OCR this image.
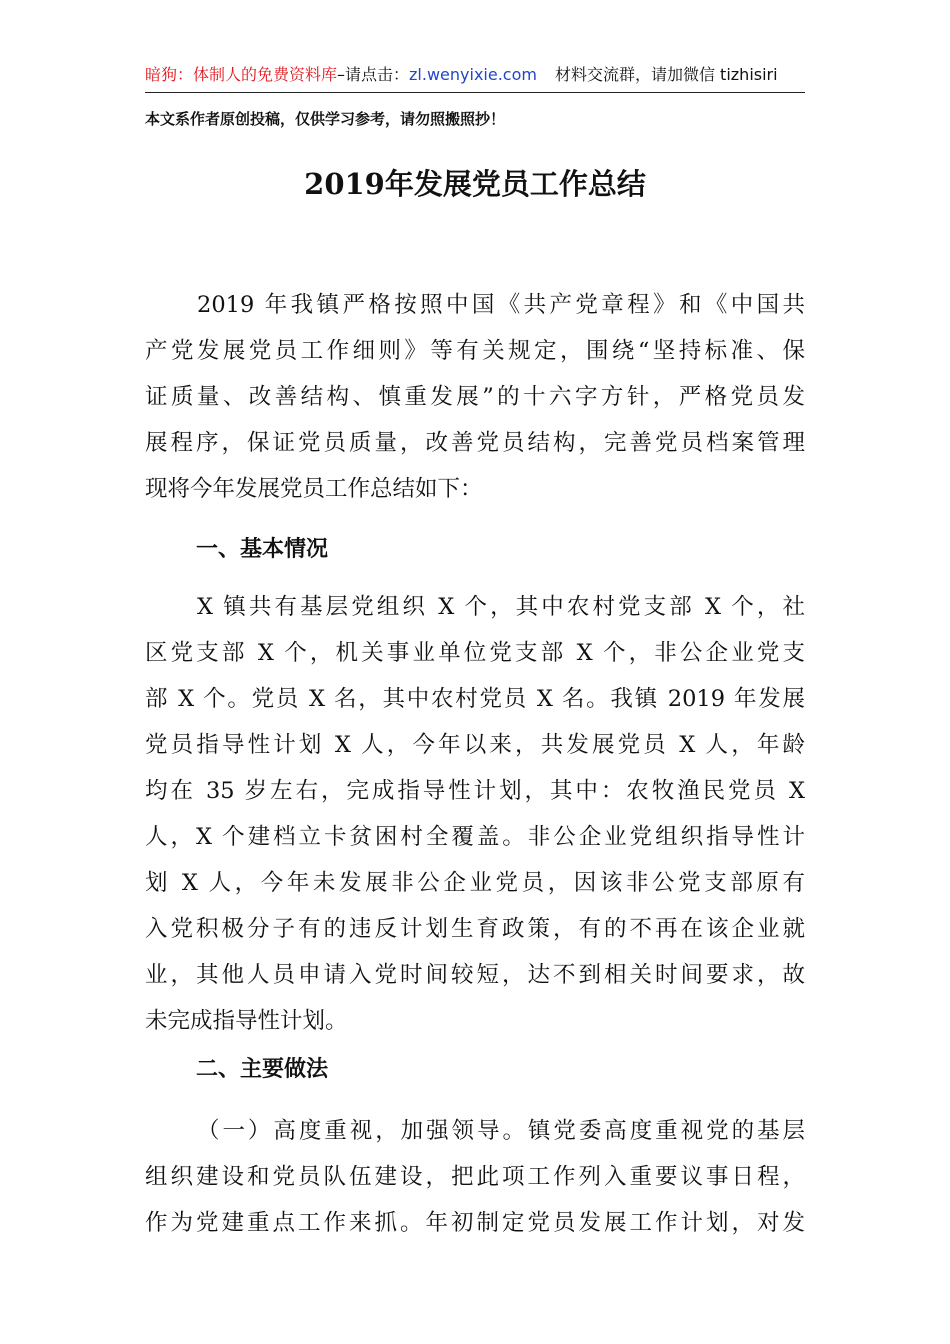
暗狗：体制人的免费资料库–请点击：zl.wenyixie.com 材料交流群，请加微信 tizhisiri
本文系作者原创投稿，仅供学习参考，请勿照搬照抄！
2019年发展党员工作总结
2019 年我镇严格按照中国《共产党章程》和《中国共
产党发展党员工作细则》等有关规定，围绕“坚持标准、保
证质量、改善结构、慎重发展”的十六字方针，严格党员发
展程序，保证党员质量，改善党员结构，完善党员档案管理
现将今年发展党员工作总结如下：
一、基本情况
X 镇共有基层党组织 X 个，其中农村党支部 X 个，社
区党支部 X 个，机关事业单位党支部 X 个，非公企业党支
部 X 个。党员 X 名，其中农村党员 X 名。我镇 2019 年发展
党员指导性计划 X 人，今年以来，共发展党员 X 人，年龄
均在 35 岁左右，完成指导性计划，其中：农牧渔民党员 X
人，X 个建档立卡贫困村全覆盖。非公企业党组织指导性计
划 X 人，今年未发展非公企业党员，因该非公党支部原有
入党积极分子有的违反计划生育政策，有的不再在该企业就
业，其他人员申请入党时间较短，达不到相关时间要求，故
未完成指导性计划。
二、主要做法
（一）高度重视，加强领导。镇党委高度重视党的基层
组织建设和党员队伍建设，把此项工作列入重要议事日程，
作为党建重点工作来抓。年初制定党员发展工作计划，对发
